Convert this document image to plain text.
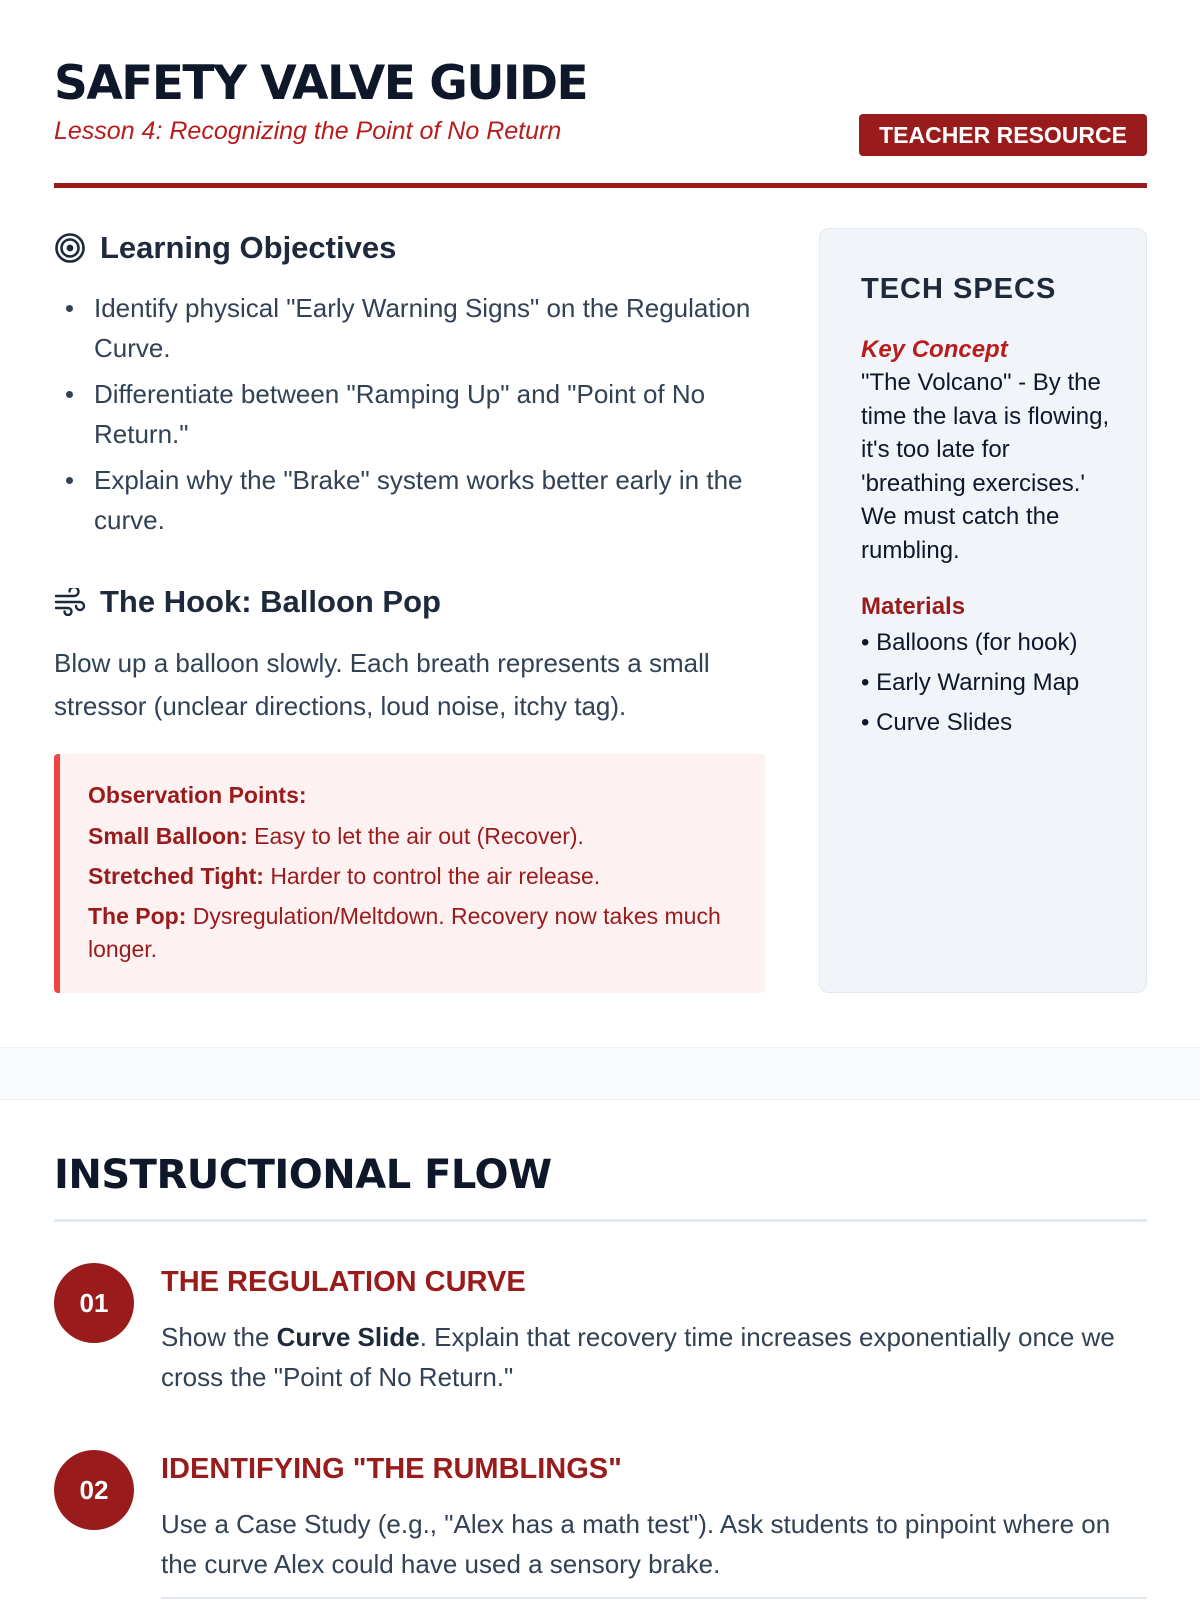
SAFETY VALVE GUIDE
Lesson 4: Recognizing the Point of No Return	TEACHER RESOURCE
Learning Objectives
Identify physical "Early Warning Signs" on the Regulation Curve.
Differentiate between "Ramping Up" and "Point of No Return."
Explain why the "Brake" system works better early in the curve.
The Hook: Balloon Pop

Blow up a balloon slowly. Each breath represents a small stressor (unclear directions, loud noise, itchy tag).

Observation Points:
Small Balloon: Easy to let the air out (Recover).
Stretched Tight: Harder to control the air release.
The Pop: Dysregulation/Meltdown. Recovery now takes much longer.
TECH SPECS
Key Concept
"The Volcano" - By the time the lava is flowing, it's too late for 'breathing exercises.' We must catch the rumbling.
Materials
• Balloons (for hook)
• Early Warning Map
• Curve Slides
INSTRUCTIONAL FLOW
01
THE REGULATION CURVE

Show the Curve Slide. Explain that recovery time increases exponentially once we cross the "Point of No Return."

02
IDENTIFYING "THE RUMBLINGS"

Use a Case Study (e.g., "Alex has a math test"). Ask students to pinpoint where on the curve Alex could have used a sensory brake.
